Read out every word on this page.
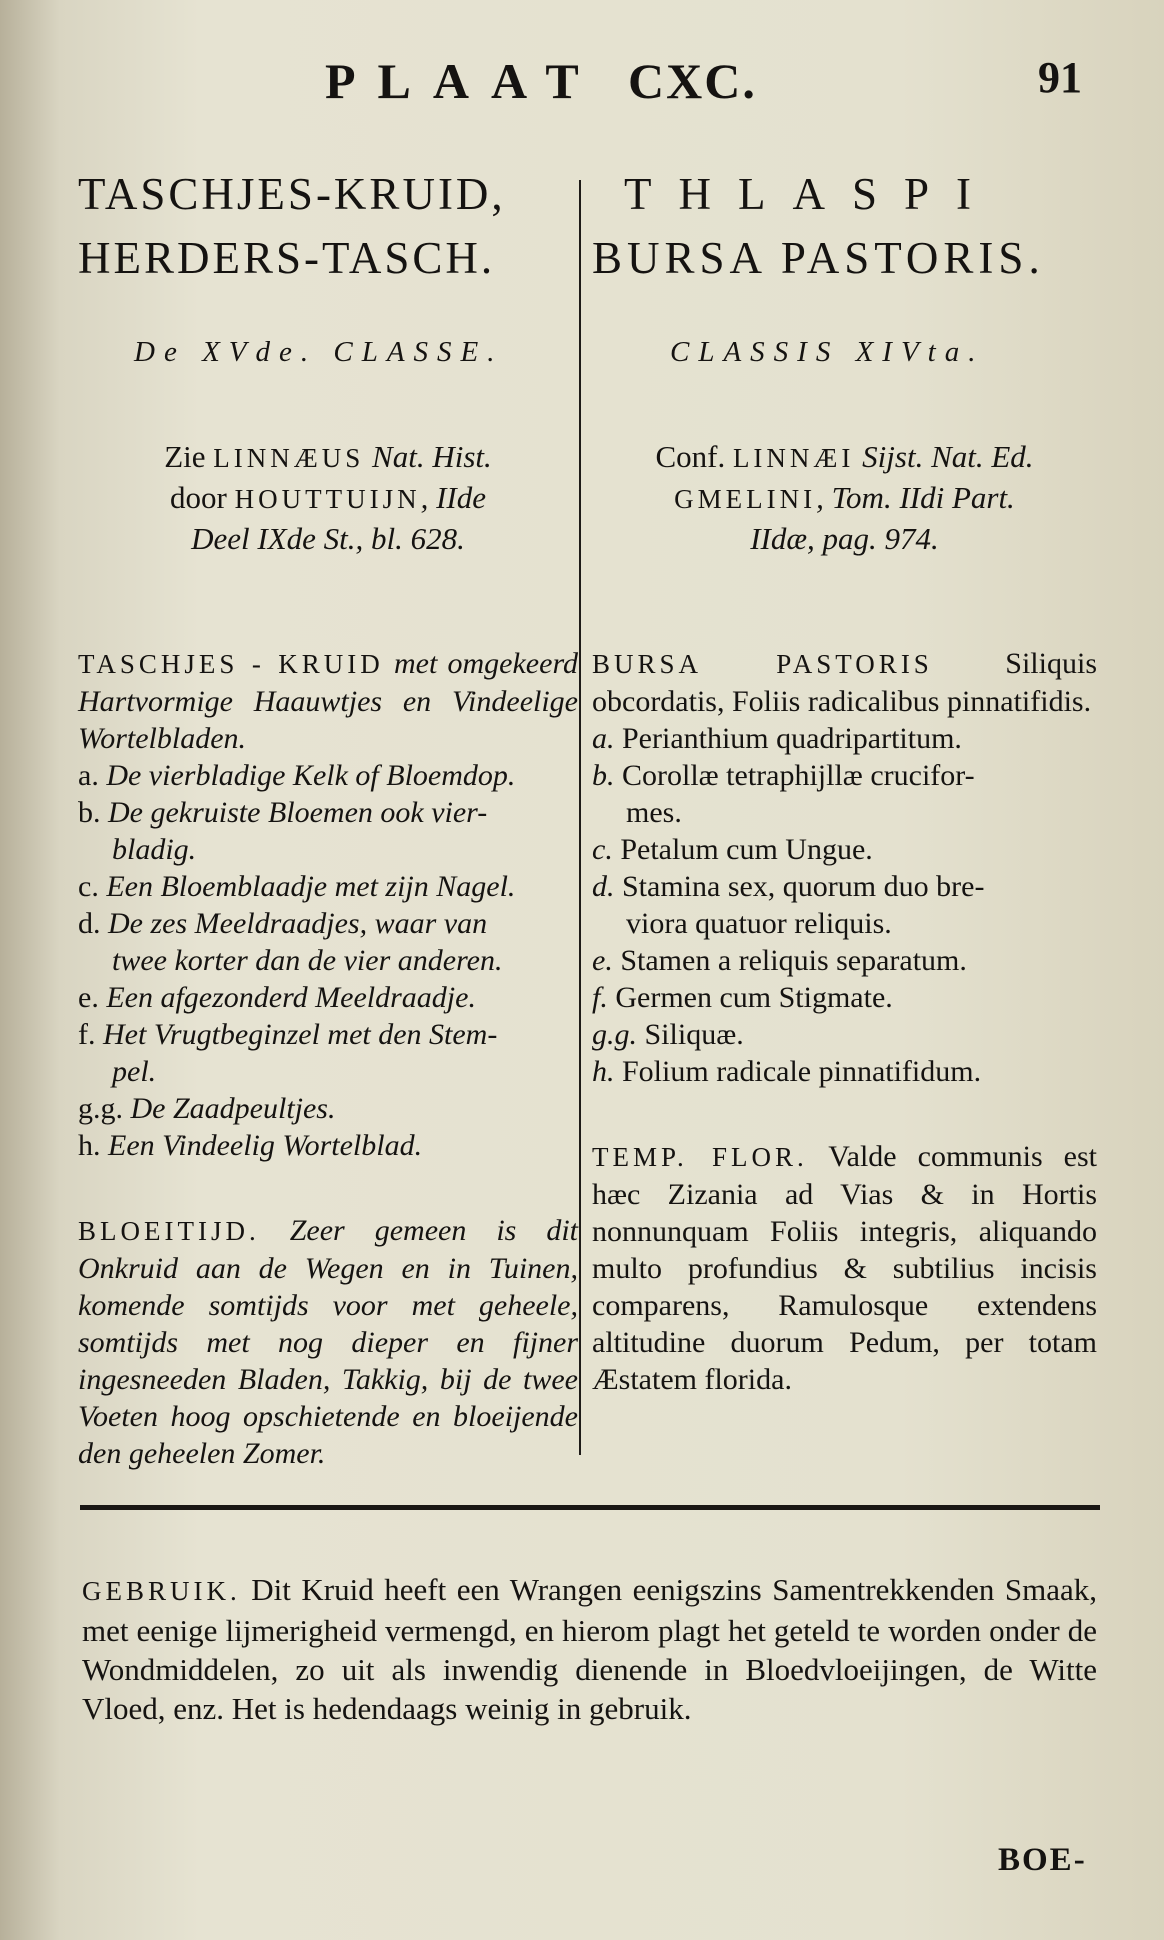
PLAAT CXC.	91
TASCHJES-KRUID,
HERDERS-TASCH.
De XVde. CLASSE.
Zie LINNÆUS Nat. Hist.
door HOUTTUIJN, IIde
Deel IXde St., bl. 628.
TASCHJES - KRUID met omgekeerd Hartvormige Haauwtjes en Vindeelige Wortelbladen.
a. De vierbladige Kelk of Bloemdop.
b. De gekruiste Bloemen ook vier-
bladig.
c. Een Bloemblaadje met zijn Nagel.
d. De zes Meeldraadjes, waar van
twee korter dan de vier anderen.
e. Een afgezonderd Meeldraadje.
f. Het Vrugtbeginzel met den Stem-
pel.
g.g. De Zaadpeultjes.
h. Een Vindeelig Wortelblad.
BLOEITIJD. Zeer gemeen is dit Onkruid aan de Wegen en in Tuinen, komende somtijds voor met geheele, somtijds met nog dieper en fijner ingesneeden Bladen, Takkig, bij de twee Voeten hoog opschietende en bloeijende den geheelen Zomer.
THLASPI
BURSA PASTORIS.
CLASSIS XIVta.
Conf. LINNÆI Sijst. Nat. Ed.
GMELINI, Tom. IIdi Part.
IIdæ, pag. 974.
BURSA PASTORIS Siliquis obcordatis, Foliis radicalibus pinnatifidis.
a. Perianthium quadripartitum.
b. Corollæ tetraphijllæ crucifor-
mes.
c. Petalum cum Ungue.
d. Stamina sex, quorum duo bre-
viora quatuor reliquis.
e. Stamen a reliquis separatum.
f. Germen cum Stigmate.
g.g. Siliquæ.
h. Folium radicale pinnatifidum.
TEMP. FLOR. Valde communis est hæc Zizania ad Vias & in Hortis nonnunquam Foliis integris, aliquando multo profundius & subtilius incisis comparens, Ramulosque extendens altitudine duorum Pedum, per totam Æstatem florida.
GEBRUIK. Dit Kruid heeft een Wrangen eenigszins Samentrekkenden Smaak, met eenige lijmerigheid vermengd, en hierom plagt het geteld te worden onder de Wondmiddelen, zo uit als inwendig dienende in Bloedvloeijingen, de Witte Vloed, enz. Het is hedendaags weinig in gebruik.
BOE-
